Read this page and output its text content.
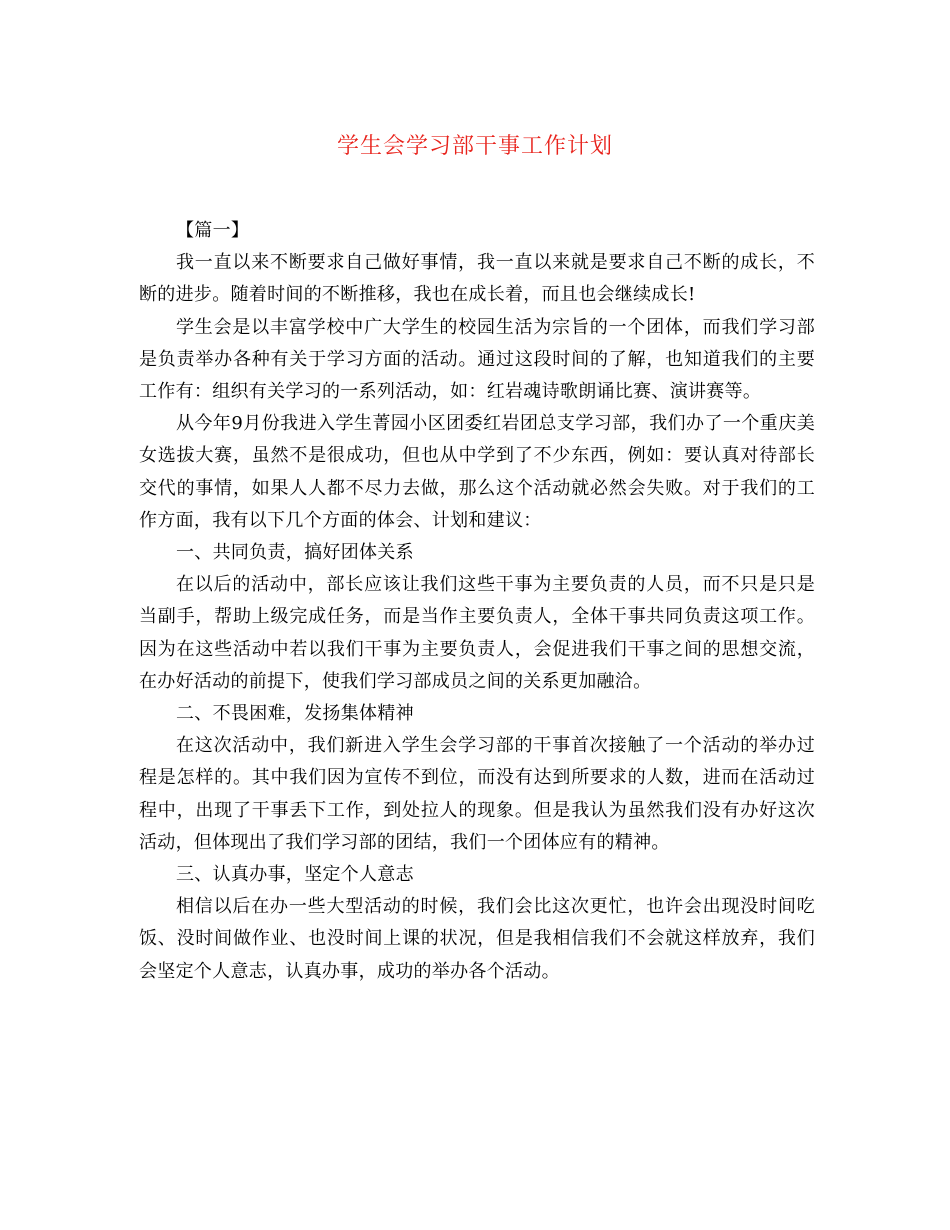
学生会学习部干事工作计划

【篇一】

我一直以来不断要求自己做好事情，我一直以来就是要求自己不断的成长，不断的进步。随着时间的不断推移，我也在成长着，而且也会继续成长!

学生会是以丰富学校中广大学生的校园生活为宗旨的一个团体，而我们学习部是负责举办各种有关于学习方面的活动。通过这段时间的了解，也知道我们的主要工作有：组织有关学习的一系列活动，如：红岩魂诗歌朗诵比赛、演讲赛等。

从今年9月份我进入学生菁园小区团委红岩团总支学习部，我们办了一个重庆美女选拔大赛，虽然不是很成功，但也从中学到了不少东西，例如：要认真对待部长交代的事情，如果人人都不尽力去做，那么这个活动就必然会失败。对于我们的工作方面，我有以下几个方面的体会、计划和建议：

一、共同负责，搞好团体关系

在以后的活动中，部长应该让我们这些干事为主要负责的人员，而不只是只是当副手，帮助上级完成任务，而是当作主要负责人，全体干事共同负责这项工作。因为在这些活动中若以我们干事为主要负责人，会促进我们干事之间的思想交流，在办好活动的前提下，使我们学习部成员之间的关系更加融洽。

二、不畏困难，发扬集体精神

在这次活动中，我们新进入学生会学习部的干事首次接触了一个活动的举办过程是怎样的。其中我们因为宣传不到位，而没有达到所要求的人数，进而在活动过程中，出现了干事丢下工作，到处拉人的现象。但是我认为虽然我们没有办好这次活动，但体现出了我们学习部的团结，我们一个团体应有的精神。

三、认真办事，坚定个人意志

相信以后在办一些大型活动的时候，我们会比这次更忙，也许会出现没时间吃饭、没时间做作业、也没时间上课的状况，但是我相信我们不会就这样放弃，我们会坚定个人意志，认真办事，成功的举办各个活动。
